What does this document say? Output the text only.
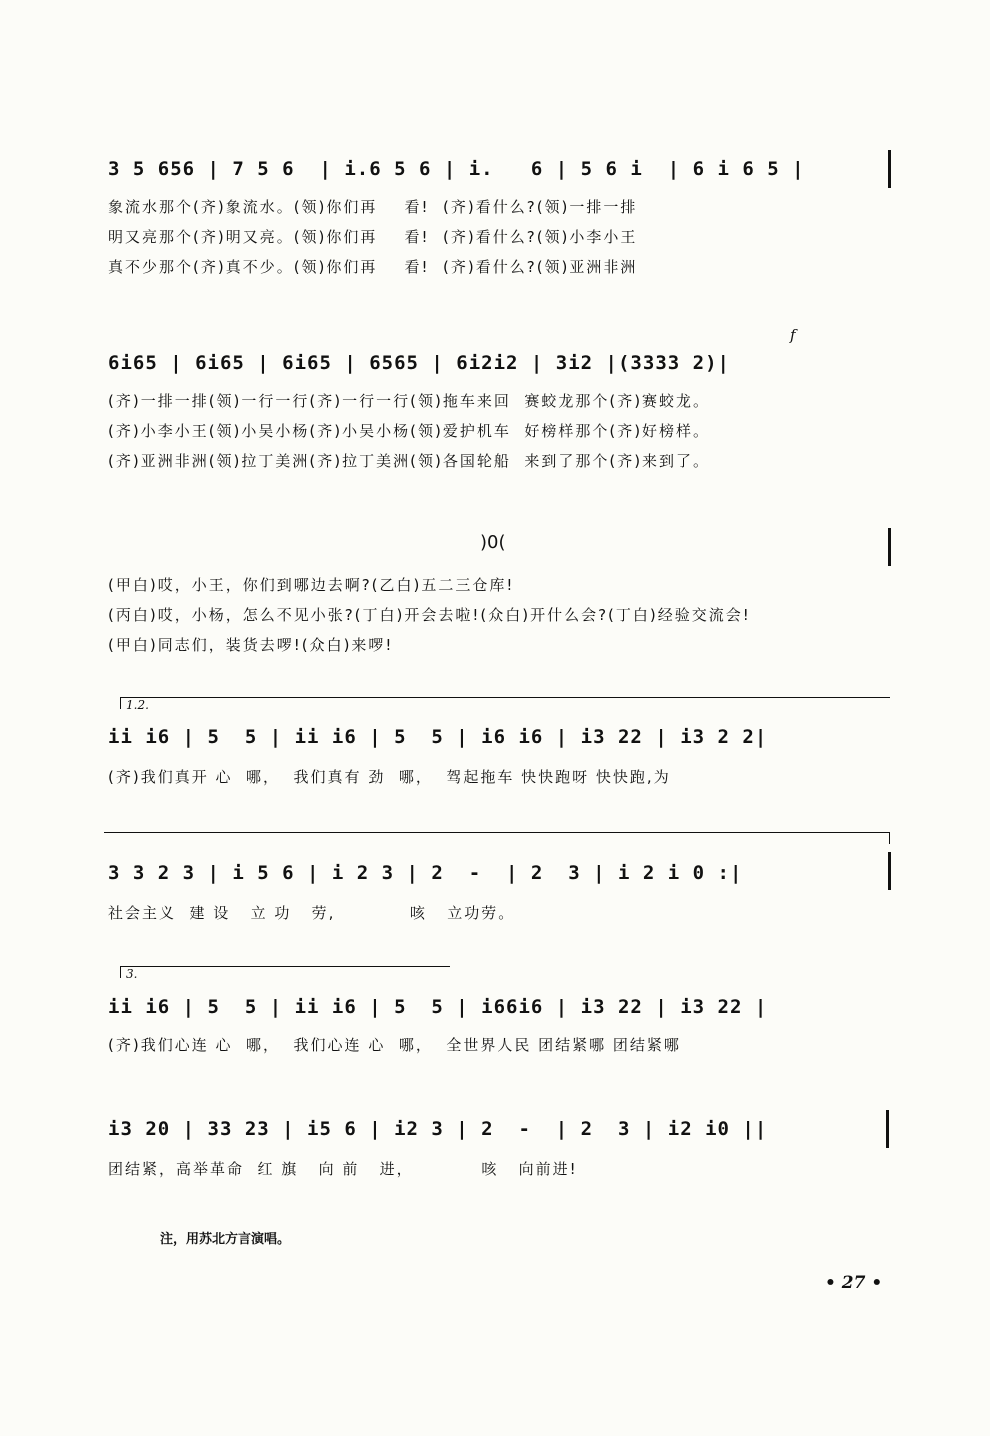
3 5 656 | 7 5 6  | i.6 5 6 | i.   6 | 5 6 i  | 6 i 6 5 |
象流水那个(齐)象流水。(领)你们再    看!  (齐)看什么?(领)一排一排
明又亮那个(齐)明又亮。(领)你们再    看!  (齐)看什么?(领)小李小王
真不少那个(齐)真不少。(领)你们再    看!  (齐)看什么?(领)亚洲非洲
f
6i65 | 6i65 | 6i65 | 6565 | 6i2i2 | 3i2 |(3333 2)|
(齐)一排一排(领)一行一行(齐)一行一行(领)拖车来回  赛蛟龙那个(齐)赛蛟龙。
(齐)小李小王(领)小吴小杨(齐)小吴小杨(领)爱护机车  好榜样那个(齐)好榜样。
(齐)亚洲非洲(领)拉丁美洲(齐)拉丁美洲(领)各国轮船  来到了那个(齐)来到了。
)0(
(甲白)哎，小王，你们到哪边去啊?(乙白)五二三仓库!
(丙白)哎，小杨，怎么不见小张?(丁白)开会去啦!(众白)开什么会?(丁白)经验交流会!
(甲白)同志们，装货去啰!(众白)来啰!
1.2.
ii i6 | 5  5 | ii i6 | 5  5 | i6 i6 | i3 22 | i3 2 2|
(齐)我们真开 心  哪，  我们真有 劲  哪，  驾起拖车 快快跑呀 快快跑,为
3 3 2 3 | i 5 6 | i 2 3 | 2  -  | 2  3 | i 2 i 0 :|
社会主义  建 设   立 功   劳,           咳   立功劳。
3.
ii i6 | 5  5 | ii i6 | 5  5 | i66i6 | i3 22 | i3 22 |
(齐)我们心连 心  哪，  我们心连 心  哪，  全世界人民 团结紧哪 团结紧哪
i3 20 | 33 23 | i5 6 | i2 3 | 2  -  | 2  3 | i2 i0 ||
团结紧，高举革命  红 旗   向 前   进，          咳   向前进!
注，用苏北方言演唱。
• 27 •
